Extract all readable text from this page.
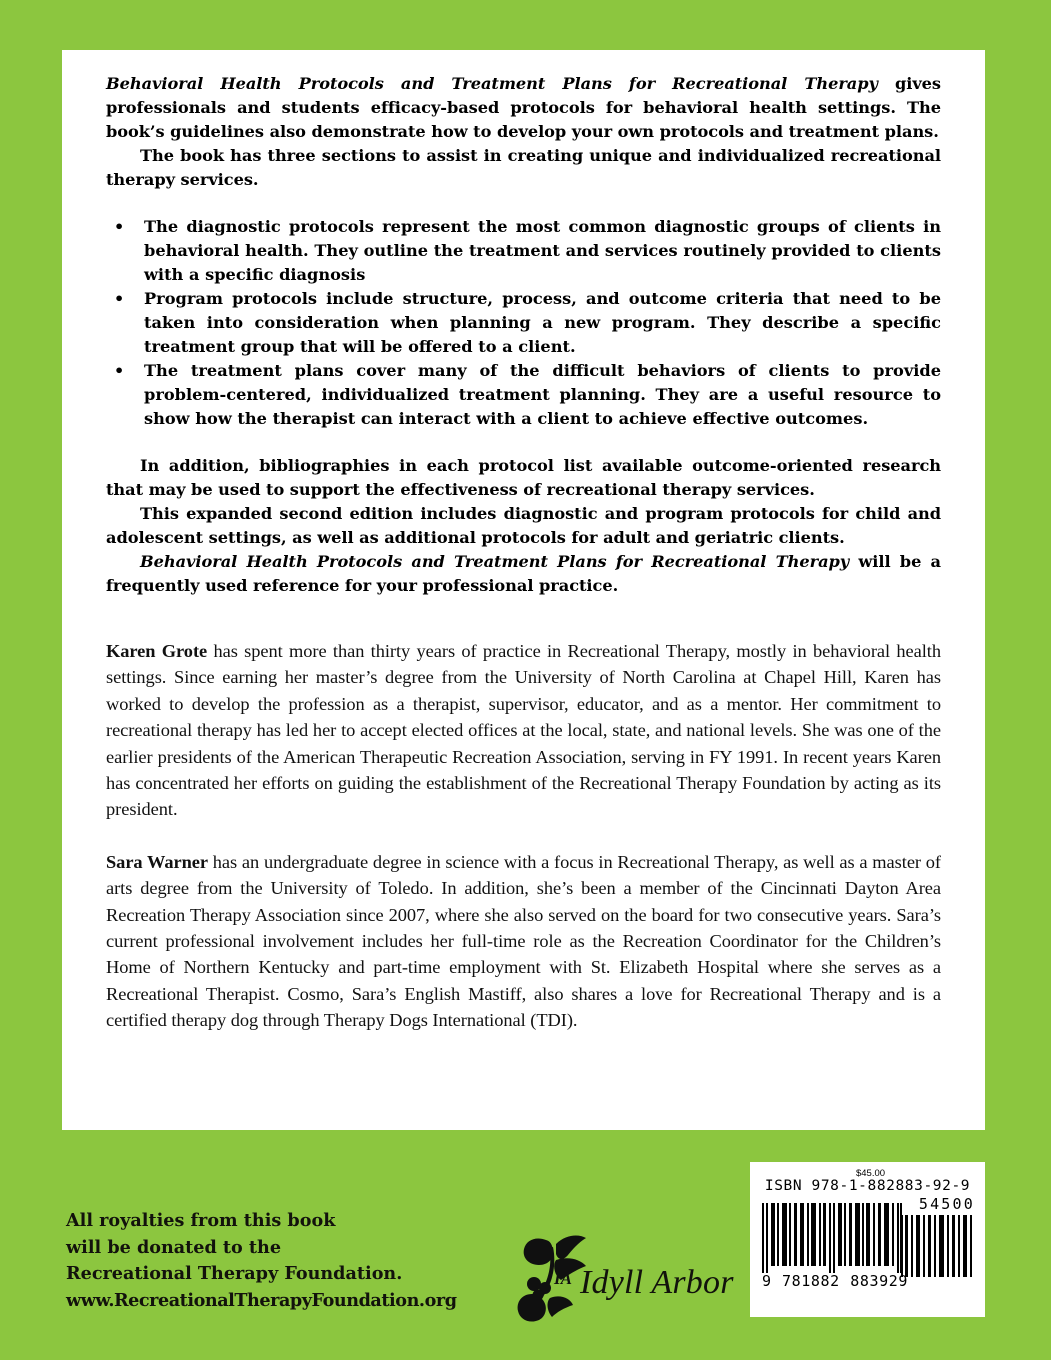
Behavioral Health Protocols and Treatment Plans for Recreational Therapy gives professionals and students efficacy-based protocols for behavioral health settings. The book’s guidelines also demonstrate how to develop your own protocols and treatment plans.

The book has three sections to assist in creating unique and individualized recreational therapy services.

• The diagnostic protocols represent the most common diagnostic groups of clients in behavioral health. They outline the treatment and services routinely provided to clients with a specific diagnosis
• Program protocols include structure, process, and outcome criteria that need to be taken into consideration when planning a new program. They describe a specific treatment group that will be offered to a client.
• The treatment plans cover many of the difficult behaviors of clients to provide problem-centered, individualized treatment planning. They are a useful resource to show how the therapist can interact with a client to achieve effective outcomes.

In addition, bibliographies in each protocol list available outcome-oriented research that may be used to support the effectiveness of recreational therapy services.

This expanded second edition includes diagnostic and program protocols for child and adolescent settings, as well as additional protocols for adult and geriatric clients.

Behavioral Health Protocols and Treatment Plans for Recreational Therapy will be a frequently used reference for your professional practice.

Karen Grote has spent more than thirty years of practice in Recreational Therapy, mostly in behavioral health settings. Since earning her master’s degree from the University of North Carolina at Chapel Hill, Karen has worked to develop the profession as a therapist, supervisor, educator, and as a mentor. Her commitment to recreational therapy has led her to accept elected offices at the local, state, and national levels. She was one of the earlier presidents of the American Therapeutic Recreation Association, serving in FY 1991. In recent years Karen has concentrated her efforts on guiding the establishment of the Recreational Therapy Foundation by acting as its president.

Sara Warner has an undergraduate degree in science with a focus in Recreational Therapy, as well as a master of arts degree from the University of Toledo. In addition, she’s been a member of the Cincinnati Dayton Area Recreation Therapy Association since 2007, where she also served on the board for two consecutive years. Sara’s current professional involvement includes her full-time role as the Recreation Coordinator for the Children’s Home of Northern Kentucky and part-time employment with St. Elizabeth Hospital where she serves as a Recreational Therapist. Cosmo, Sara’s English Mastiff, also shares a love for Recreational Therapy and is a certified therapy dog through Therapy Dogs International (TDI).

All royalties from this book
will be donated to the
Recreational Therapy Foundation.
www.RecreationalTherapyFoundation.org
IA Idyll Arbor
$45.00
ISBN 978-1-882883-92-9
54500
9 781882 883929
